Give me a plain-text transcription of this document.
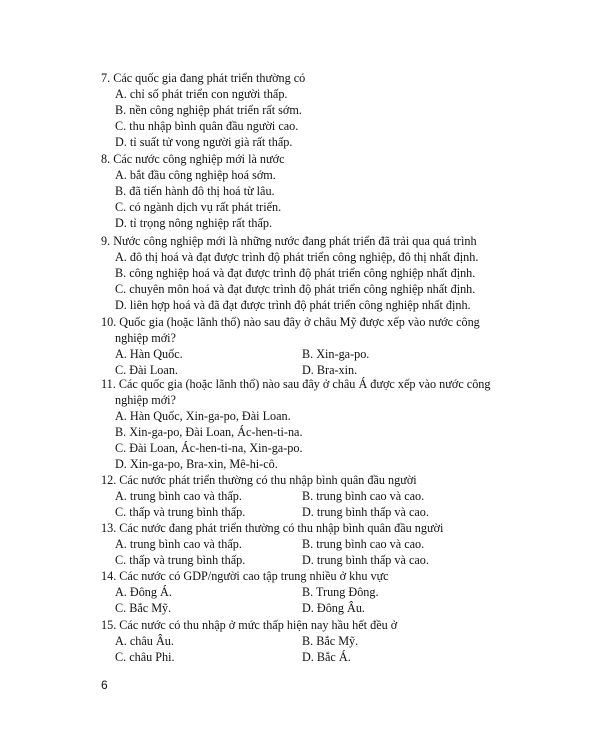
7. Các quốc gia đang phát triển thường có
A. chỉ số phát triển con người thấp.
B. nền công nghiệp phát triển rất sớm.
C. thu nhập bình quân đầu người cao.
D. tỉ suất tử vong người già rất thấp.
8. Các nước công nghiệp mới là nước
A. bắt đầu công nghiệp hoá sớm.
B. đã tiến hành đô thị hoá từ lâu.
C. có ngành dịch vụ rất phát triển.
D. tỉ trọng nông nghiệp rất thấp.
9. Nước công nghiệp mới là những nước đang phát triển đã trải qua quá trình
A. đô thị hoá và đạt được trình độ phát triển công nghiệp, đô thị nhất định.
B. công nghiệp hoá và đạt được trình độ phát triển công nghiệp nhất định.
C. chuyên môn hoá và đạt được trình độ phát triển công nghiệp nhất định.
D. liên hợp hoá và đã đạt được trình độ phát triển công nghiệp nhất định.
10. Quốc gia (hoặc lãnh thổ) nào sau đây ở châu Mỹ được xếp vào nước công
nghiệp mới?
A. Hàn Quốc.	B. Xin-ga-po.
C. Đài Loan.	D. Bra-xin.
11. Các quốc gia (hoặc lãnh thổ) nào sau đây ở châu Á được xếp vào nước công
nghiệp mới?
A. Hàn Quốc, Xin-ga-po, Đài Loan.
B. Xin-ga-po, Đài Loan, Ác-hen-ti-na.
C. Đài Loan, Ác-hen-ti-na, Xin-ga-po.
D. Xin-ga-po, Bra-xin, Mê-hi-cô.
12. Các nước phát triển thường có thu nhập bình quân đầu người
A. trung bình cao và thấp.	B. trung bình cao và cao.
C. thấp và trung bình thấp.	D. trung bình thấp và cao.
13. Các nước đang phát triển thường có thu nhập bình quân đầu người
A. trung bình cao và thấp.	B. trung bình cao và cao.
C. thấp và trung bình thấp.	D. trung bình thấp và cao.
14. Các nước có GDP/người cao tập trung nhiều ở khu vực
A. Đông Á.	B. Trung Đông.
C. Bắc Mỹ.	D. Đông Âu.
15. Các nước có thu nhập ở mức thấp hiện nay hầu hết đều ở
A. châu Âu.	B. Bắc Mỹ.
C. châu Phi.	D. Bắc Á.
6
